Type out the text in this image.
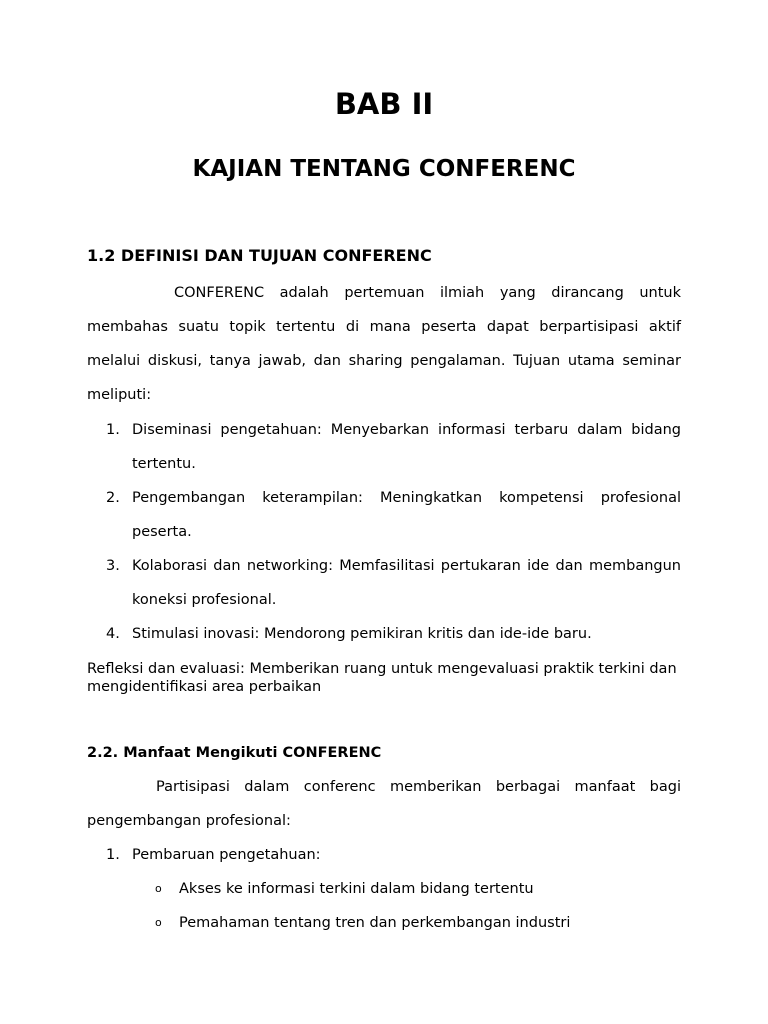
BAB II
KAJIAN TENTANG CONFERENC
1.2 DEFINISI DAN TUJUAN CONFERENC

CONFERENC adalah pertemuan ilmiah yang dirancang untuk membahas suatu topik tertentu di mana peserta dapat berpartisipasi aktif melalui diskusi, tanya jawab, dan sharing pengalaman. Tujuan utama seminar meliputi:

1. Diseminasi pengetahuan: Menyebarkan informasi terbaru dalam bidang tertentu.
2. Pengembangan keterampilan: Meningkatkan kompetensi profesional peserta.
3. Kolaborasi dan networking: Memfasilitasi pertukaran ide dan membangun koneksi profesional.
4. Stimulasi inovasi: Mendorong pemikiran kritis dan ide-ide baru.

Refleksi dan evaluasi: Memberikan ruang untuk mengevaluasi praktik terkini dan mengidentifikasi area perbaikan

2.2. Manfaat Mengikuti CONFERENC

Partisipasi dalam conferenc memberikan berbagai manfaat bagi pengembangan profesional:

1. Pembaruan pengetahuan:
o Akses ke informasi terkini dalam bidang tertentu
o Pemahaman tentang tren dan perkembangan industri
